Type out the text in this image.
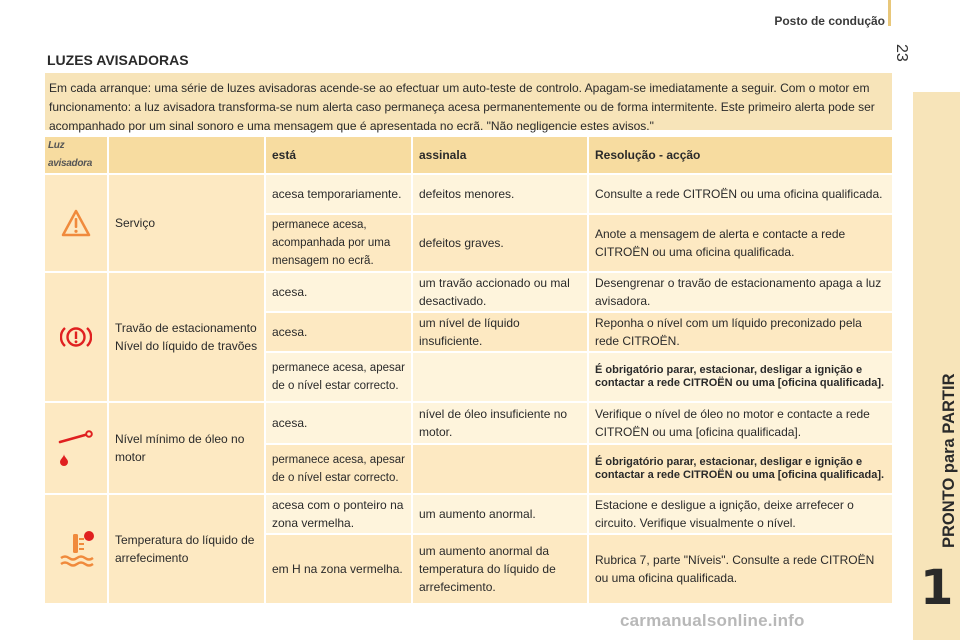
Posto de condução
23
PRONTO para PARTIR
1
LUZES AVISADORAS
Em cada arranque: uma série de luzes avisadoras acende-se ao efectuar um auto-teste de controlo. Apagam-se imediatamente a seguir. Com o motor em funcionamento: a luz avisadora transforma-se num alerta caso permaneça acesa permanentemente ou de forma intermitente. Este primeiro alerta pode ser acompanhado por um sinal sonoro e uma mensagem que é apresentada no ecrã. "Não negligencie estes avisos."
Luz avisadora		está	assinala	Resolução - acção

	Serviço	acesa temporariamente.	defeitos menores.	Consulte a rede CITROËN ou uma oficina qualificada.
		permanece acesa, acompanhada por uma mensagem no ecrã.	defeitos graves.	Anote a mensagem de alerta e contacte a rede CITROËN ou uma oficina qualificada.

	Travão de estacionamento Nível do líquido de travões	acesa.	um travão accionado ou mal desactivado.	Desengrenar o travão de estacionamento apaga a luz avisadora.
		acesa.	um nível de líquido insuficiente.	Reponha o nível com um líquido preconizado pela rede CITROËN.
		permanece acesa, apesar de o nível estar correcto.		É obrigatório parar, estacionar, desligar a ignição e contactar a rede CITROËN ou uma [oficina qualificada].

	Nível mínimo de óleo no motor	acesa.	nível de óleo insuficiente no motor.	Verifique o nível de óleo no motor e contacte a rede CITROËN ou uma [oficina qualificada].
		permanece acesa, apesar de o nível estar correcto.		É obrigatório parar, estacionar, desligar e ignição e contactar a rede CITROËN ou uma [oficina qualificada].

	Temperatura do líquido de arrefecimento	acesa com o ponteiro na zona vermelha.	um aumento anormal.	Estacione e desligue a ignição, deixe arrefecer o circuito. Verifique visualmente o nível.
		em H na zona vermelha.	um aumento anormal da temperatura do líquido de arrefecimento.	Rubrica 7, parte "Níveis". Consulte a rede CITROËN ou uma oficina qualificada.
carmanualsonline.info
